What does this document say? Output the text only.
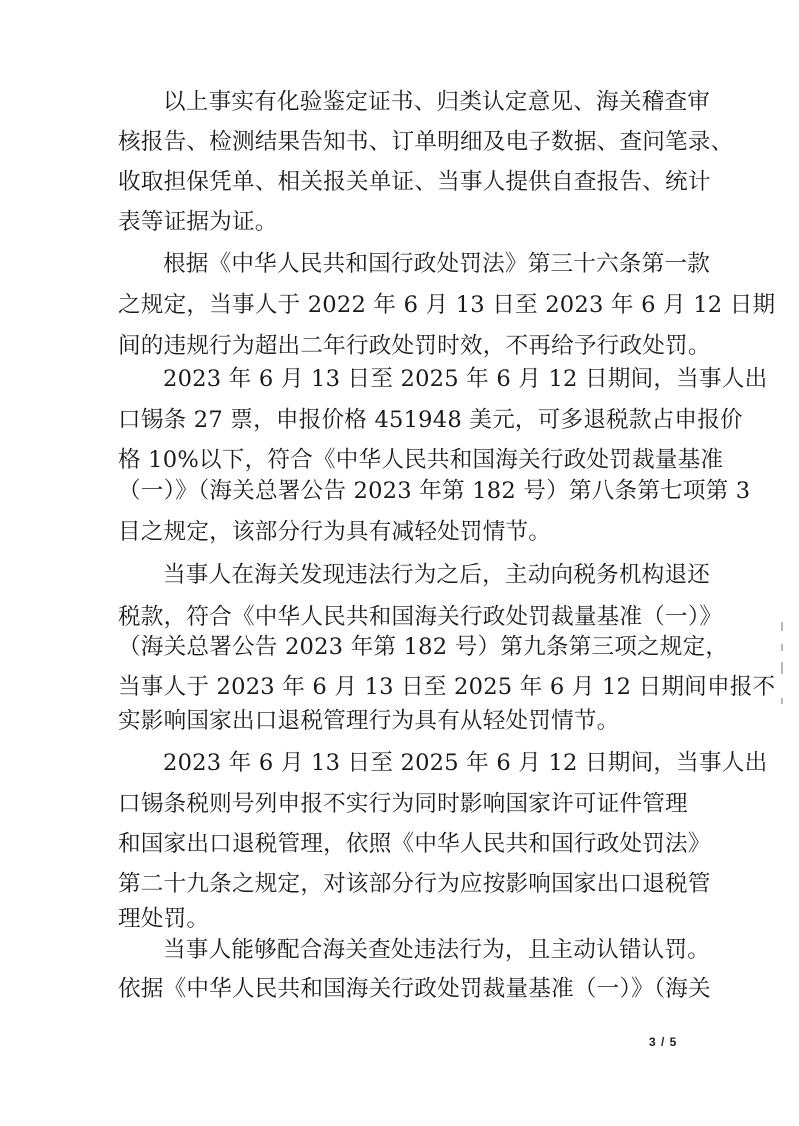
以上事实有化验鉴定证书、归类认定意见、海关稽查审
核报告、检测结果告知书、订单明细及电子数据、查问笔录、
收取担保凭单、相关报关单证、当事人提供自查报告、统计
表等证据为证。
根据《中华人民共和国行政处罚法》第三十六条第一款
之规定，当事人于 2022 年 6 月 13 日至 2023 年 6 月 12 日期
间的违规行为超出二年行政处罚时效，不再给予行政处罚。
2023 年 6 月 13 日至 2025 年 6 月 12 日期间，当事人出
口锡条 27 票，申报价格 451948 美元，可多退税款占申报价
格 10%以下，符合《中华人民共和国海关行政处罚裁量基准
（一）》（海关总署公告 2023 年第 182 号）第八条第七项第 3
目之规定，该部分行为具有减轻处罚情节。
当事人在海关发现违法行为之后，主动向税务机构退还
税款，符合《中华人民共和国海关行政处罚裁量基准（一）》
（海关总署公告 2023 年第 182 号）第九条第三项之规定，
当事人于 2023 年 6 月 13 日至 2025 年 6 月 12 日期间申报不
实影响国家出口退税管理行为具有从轻处罚情节。
2023 年 6 月 13 日至 2025 年 6 月 12 日期间，当事人出
口锡条税则号列申报不实行为同时影响国家许可证件管理
和国家出口退税管理，依照《中华人民共和国行政处罚法》
第二十九条之规定，对该部分行为应按影响国家出口退税管
理处罚。
当事人能够配合海关查处违法行为，且主动认错认罚。
依据《中华人民共和国海关行政处罚裁量基准（一）》（海关
3 / 5
